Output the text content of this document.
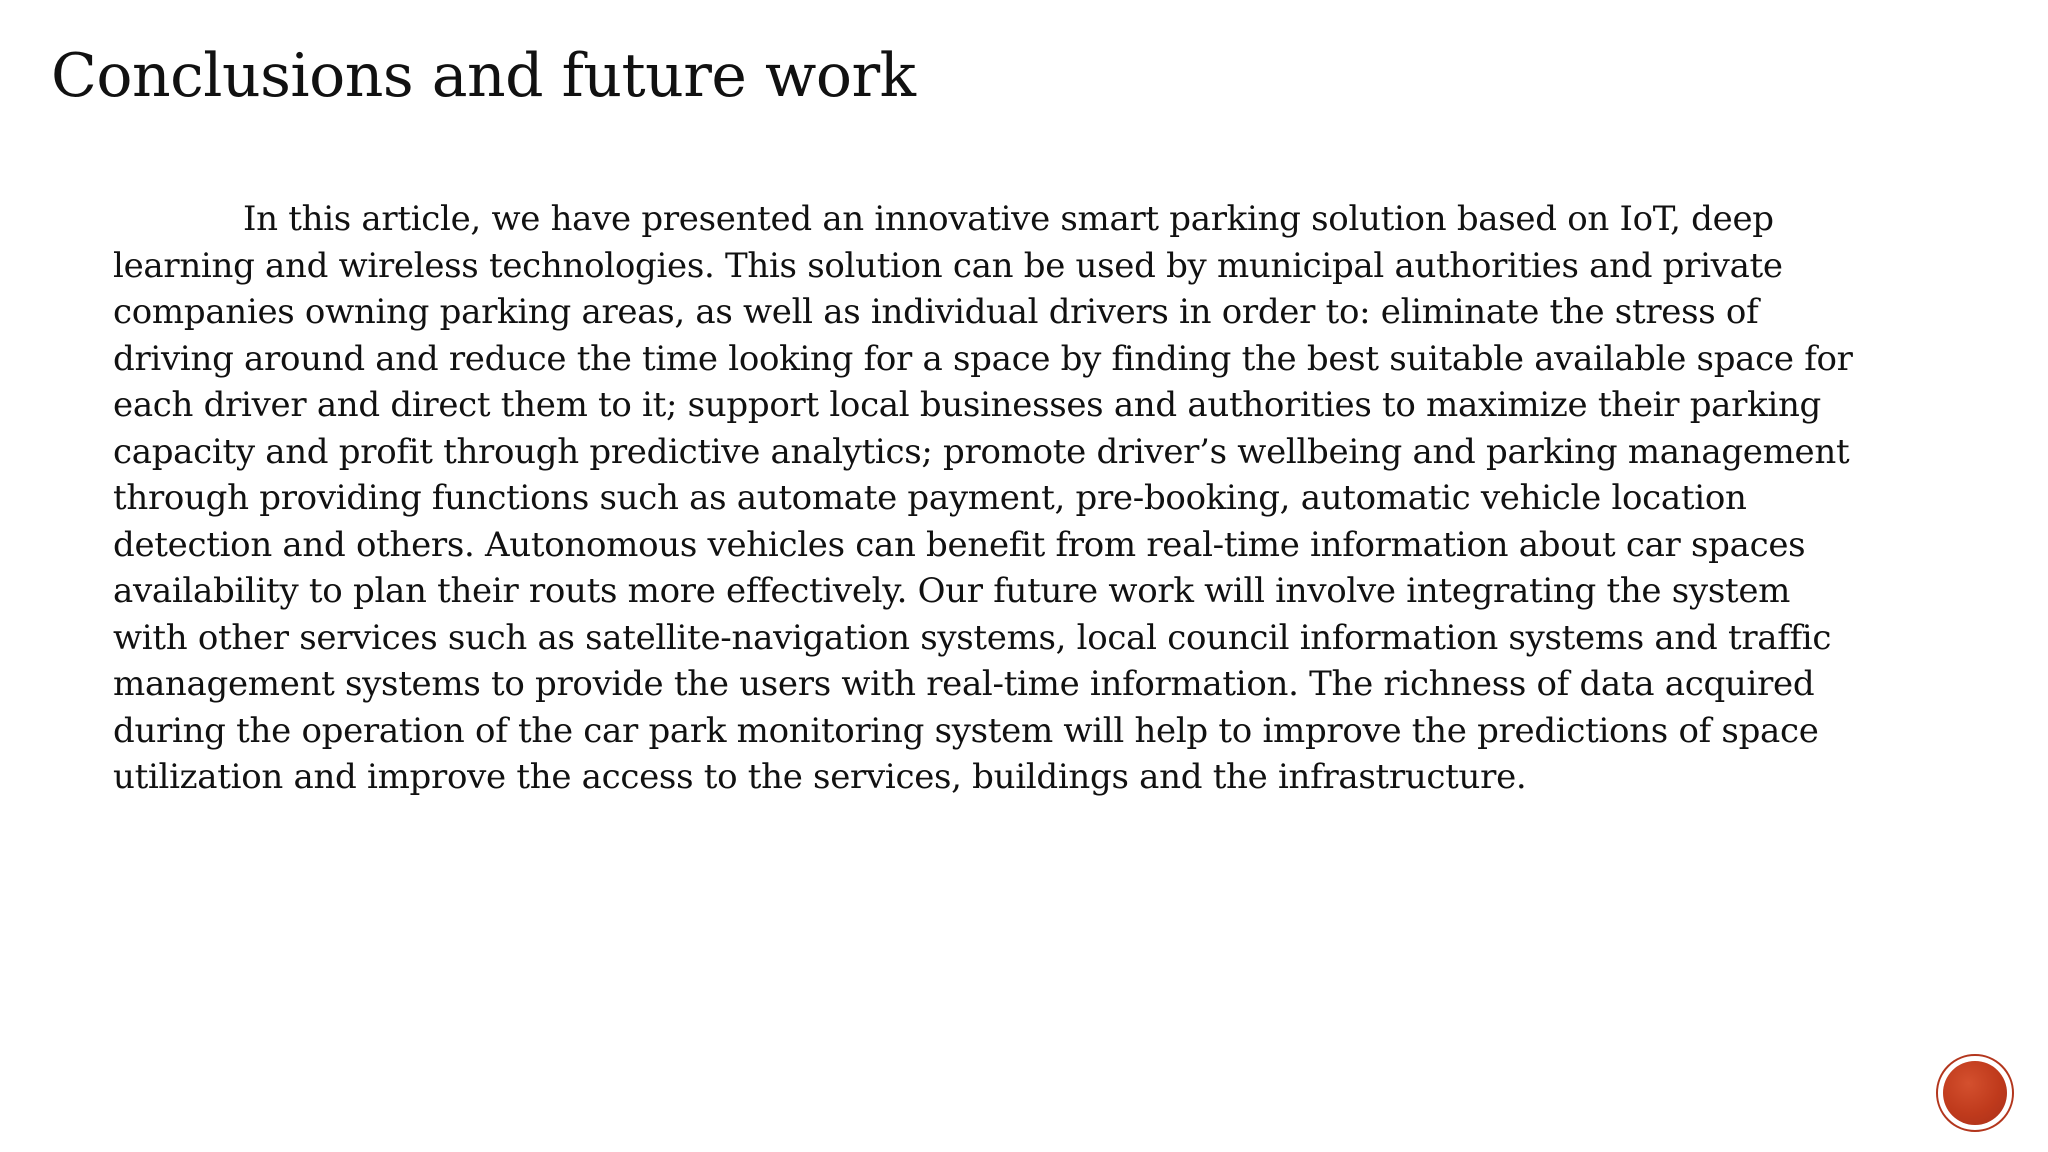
Conclusions and future work

In this article, we have presented an innovative smart parking solution based on IoT, deep
learning and wireless technologies. This solution can be used by municipal authorities and private
companies owning parking areas, as well as individual drivers in order to: eliminate the stress of
driving around and reduce the time looking for a space by finding the best suitable available space for
each driver and direct them to it; support local businesses and authorities to maximize their parking
capacity and profit through predictive analytics; promote driver’s wellbeing and parking management
through providing functions such as automate payment, pre-booking, automatic vehicle location
detection and others. Autonomous vehicles can benefit from real-time information about car spaces
availability to plan their routs more effectively. Our future work will involve integrating the system
with other services such as satellite-navigation systems, local council information systems and traffic
management systems to provide the users with real-time information. The richness of data acquired
during the operation of the car park monitoring system will help to improve the predictions of space
utilization and improve the access to the services, buildings and the infrastructure.
